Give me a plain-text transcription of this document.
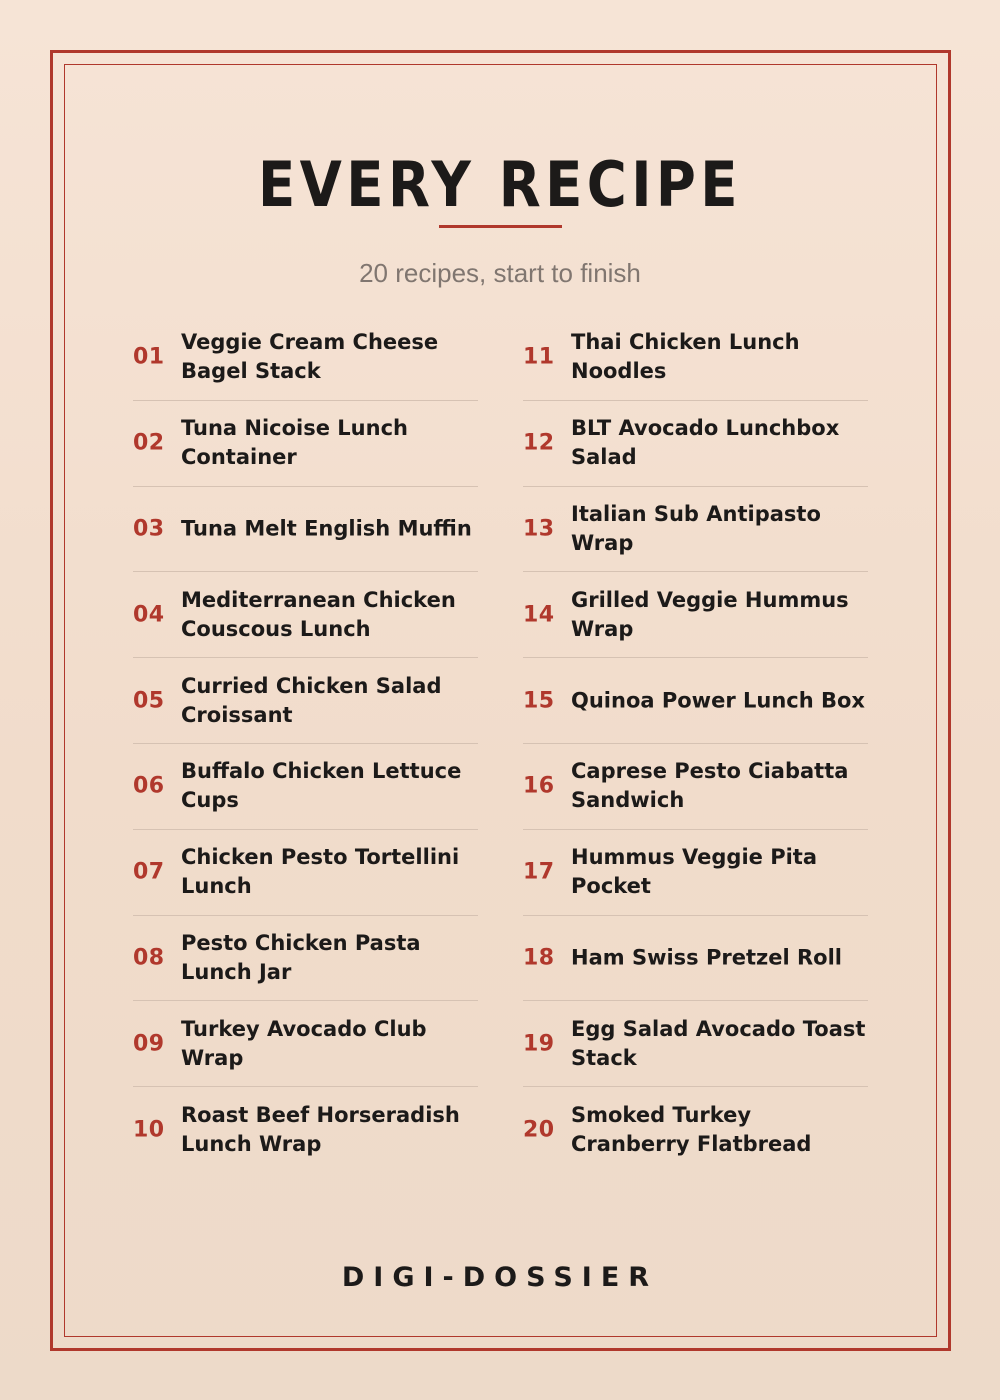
EVERY RECIPE
20 recipes, start to finish
01
Veggie Cream Cheese Bagel Stack
02
Tuna Nicoise Lunch Container
03 Tuna Melt English Muffin
04
Mediterranean Chicken Couscous Lunch
05
Curried Chicken Salad Croissant
06
Buffalo Chicken Lettuce Cups
07
Chicken Pesto Tortellini Lunch
08
Pesto Chicken Pasta Lunch Jar
09
Turkey Avocado Club Wrap
10
Roast Beef Horseradish Lunch Wrap
11
Thai Chicken Lunch Noodles
12
BLT Avocado Lunchbox Salad
13
Italian Sub Antipasto Wrap
14
Grilled Veggie Hummus Wrap
15 Quinoa Power Lunch Box
16
Caprese Pesto Ciabatta Sandwich
17
Hummus Veggie Pita Pocket
18 Ham Swiss Pretzel Roll
19
Egg Salad Avocado Toast Stack
20
Smoked Turkey Cranberry Flatbread
DIGI-DOSSIER
